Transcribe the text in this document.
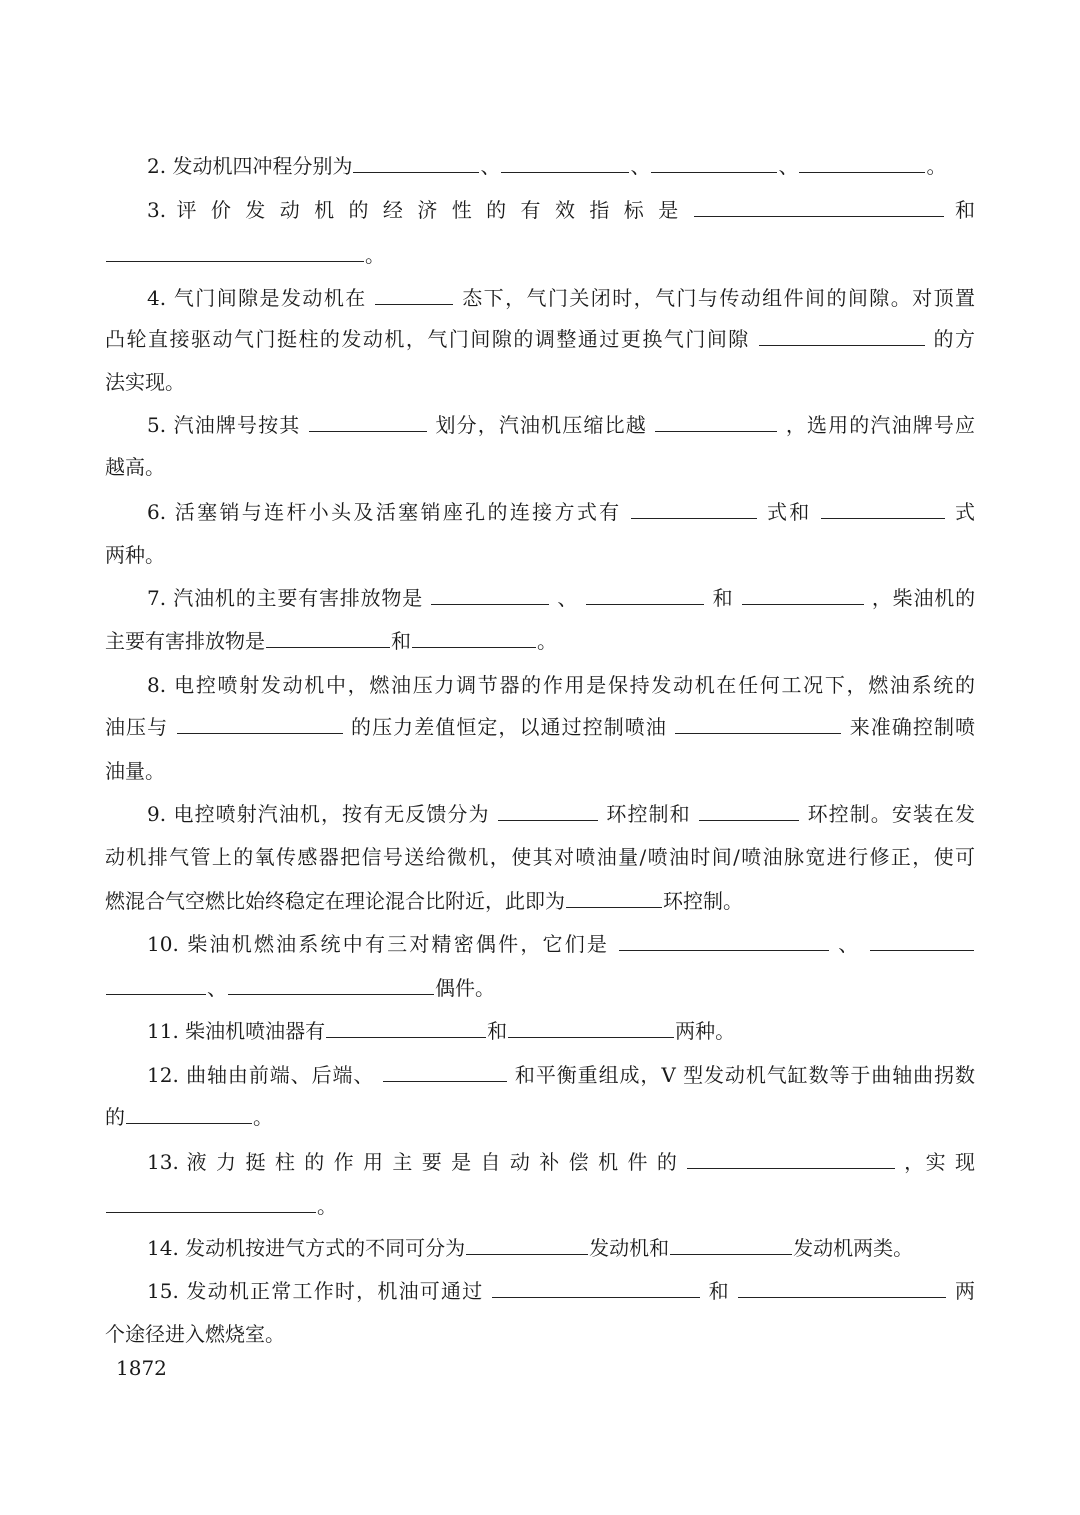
2. 发动机四冲程分别为	、	、	、	。
3. 评 价 发 动 机 的 经 济 性 的 有 效 指 标 是	和
。
4. 气门间隙是发动机在	态下，气门关闭时，气门与传动组件间的间隙。对顶置
凸轮直接驱动气门挺柱的发动机，气门间隙的调整通过更换气门间隙	的方
法实现。
5. 汽油牌号按其	划分，汽油机压缩比越	，选用的汽油牌号应
越高。
6. 活塞销与连杆小头及活塞销座孔的连接方式有	式和	式
两种。
7. 汽油机的主要有害排放物是	、	和	，柴油机的
主要有害排放物是	和	。
8. 电控喷射发动机中，燃油压力调节器的作用是保持发动机在任何工况下，燃油系统的
油压与	的压力差值恒定，以通过控制喷油	来准确控制喷
油量。
9. 电控喷射汽油机，按有无反馈分为	环控制和	环控制。安装在发
动机排气管上的氧传感器把信号送给微机，使其对喷油量/喷油时间/喷油脉宽进行修正，使可
燃混合气空燃比始终稳定在理论混合比附近，此即为	环控制。
10. 柴油机燃油系统中有三对精密偶件，它们是	、
、	偶件。
11. 柴油机喷油器有	和	两种。
12. 曲轴由前端、后端、	和平衡重组成，V 型发动机气缸数等于曲轴曲拐数
的	。
13. 液 力 挺 柱 的 作 用 主 要 是 自 动 补 偿 机 件 的	，实 现
。
14. 发动机按进气方式的不同可分为	发动机和	发动机两类。
15. 发动机正常工作时，机油可通过	和	两
个途径进入燃烧室。
1872
